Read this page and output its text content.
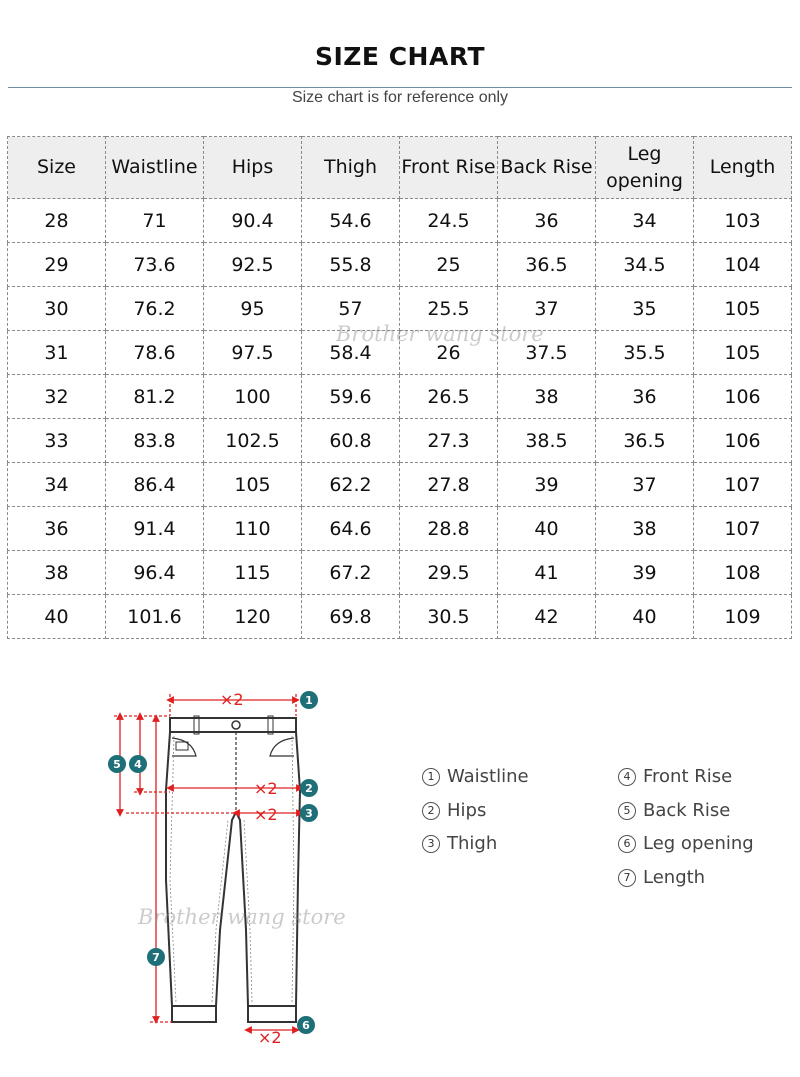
SIZE CHART
Size chart is for reference only
Size	Waistline	Hips	Thigh	Front Rise	Back Rise	Leg opening	Length
28	71	90.4	54.6	24.5	36	34	103
29	73.6	92.5	55.8	25	36.5	34.5	104
30	76.2	95	57	25.5	37	35	105
31	78.6	97.5	58.4	26	37.5	35.5	105
32	81.2	100	59.6	26.5	38	36	106
33	83.8	102.5	60.8	27.3	38.5	36.5	106
34	86.4	105	62.2	27.8	39	37	107
36	91.4	110	64.6	28.8	40	38	107
38	96.4	115	67.2	29.5	41	39	108
40	101.6	120	69.8	30.5	42	40	109
Brother wang store
×2
×2
×2
×2
1
2
3
4
5
6
7
Brother wang store
1 Waistline
2 Hips
3 Thigh
4 Front Rise
5 Back Rise
6 Leg opening
7 Length
